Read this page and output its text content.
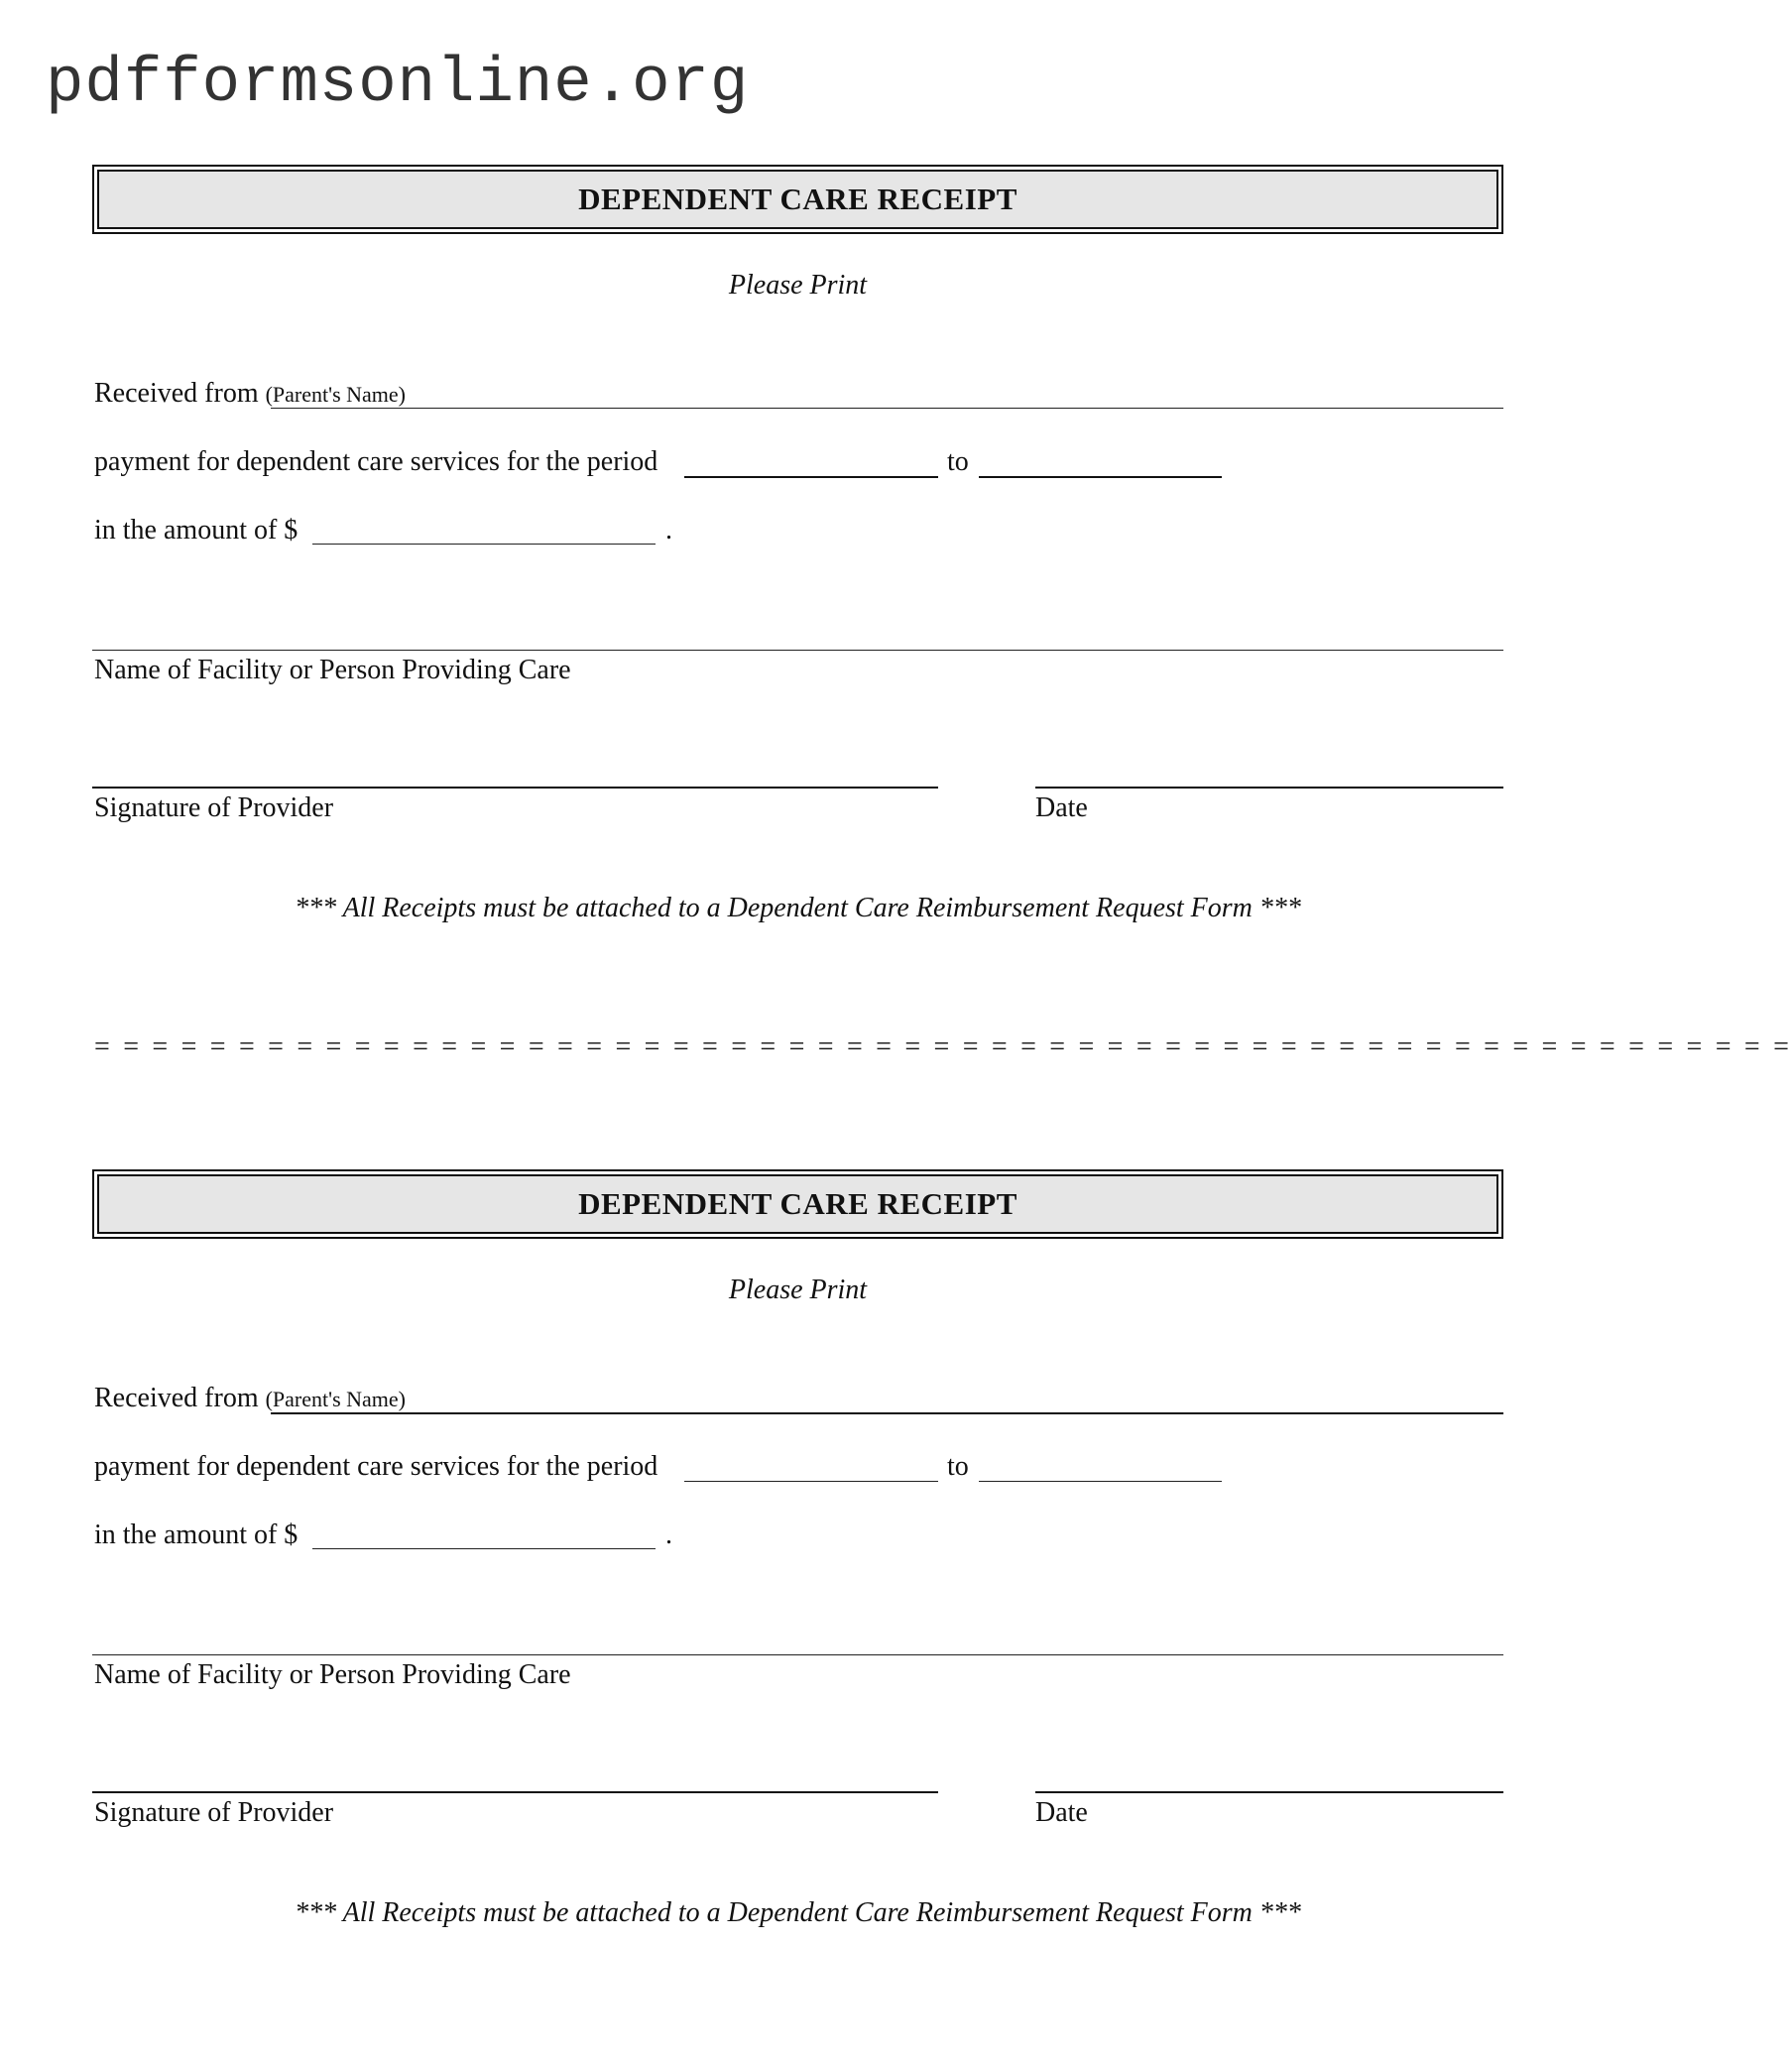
pdfformsonline.org
DEPENDENT CARE RECEIPT
Please Print
Received from (Parent's Name)
payment for dependent care services for the period	to
in the amount of $	.
Name of Facility or Person Providing Care
Signature of Provider	Date
*** All Receipts must be attached to a Dependent Care Reimbursement Request Form ***
= = = = = = = = = = = = = = = = = = = = = = = = = = = = = = = = = = = = = = = = = = = = = = = = = = = = = = = = = = =
DEPENDENT CARE RECEIPT
Please Print
Received from (Parent's Name)
payment for dependent care services for the period	to
in the amount of $	.
Name of Facility or Person Providing Care
Signature of Provider	Date
*** All Receipts must be attached to a Dependent Care Reimbursement Request Form ***
